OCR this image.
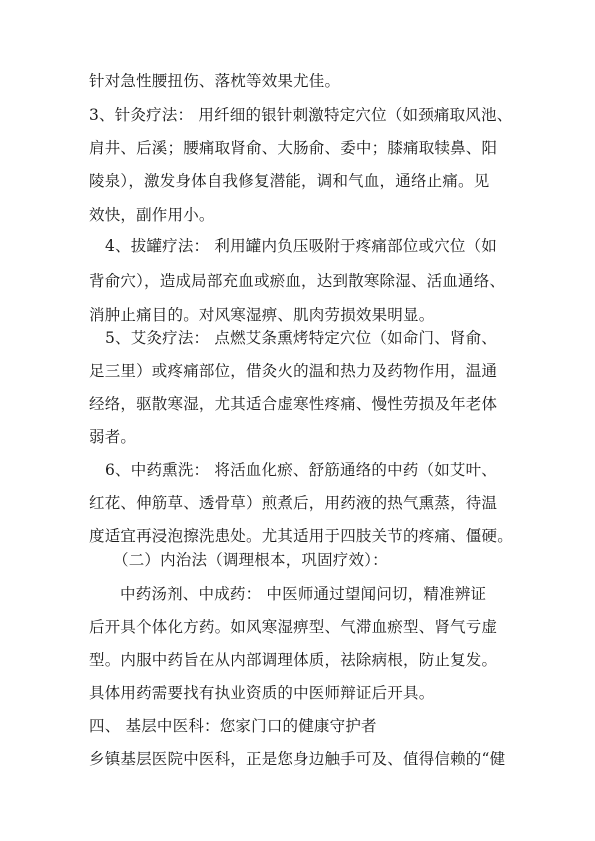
针对急性腰扭伤、落枕等效果尤佳。
3、针灸疗法： 用纤细的银针刺激特定穴位（如颈痛取风池、
肩井、后溪；腰痛取肾俞、大肠俞、委中；膝痛取犊鼻、阳
陵泉），激发身体自我修复潜能，调和气血，通络止痛。见
效快，副作用小。
4、拔罐疗法： 利用罐内负压吸附于疼痛部位或穴位（如
背俞穴），造成局部充血或瘀血，达到散寒除湿、活血通络、
消肿止痛目的。对风寒湿痹、肌肉劳损效果明显。
5、艾灸疗法： 点燃艾条熏烤特定穴位（如命门、肾俞、
足三里）或疼痛部位，借灸火的温和热力及药物作用，温通
经络，驱散寒湿，尤其适合虚寒性疼痛、慢性劳损及年老体
弱者。
6、中药熏洗： 将活血化瘀、舒筋通络的中药（如艾叶、
红花、伸筋草、透骨草）煎煮后，用药液的热气熏蒸，待温
度适宜再浸泡擦洗患处。尤其适用于四肢关节的疼痛、僵硬。
（二）内治法（调理根本，巩固疗效）：
中药汤剂、中成药： 中医师通过望闻问切，精准辨证
后开具个体化方药。如风寒湿痹型、气滞血瘀型、肾气亏虚
型。内服中药旨在从内部调理体质，祛除病根，防止复发。
具体用药需要找有执业资质的中医师辩证后开具。
四、 基层中医科：您家门口的健康守护者
乡镇基层医院中医科，正是您身边触手可及、值得信赖的“健
